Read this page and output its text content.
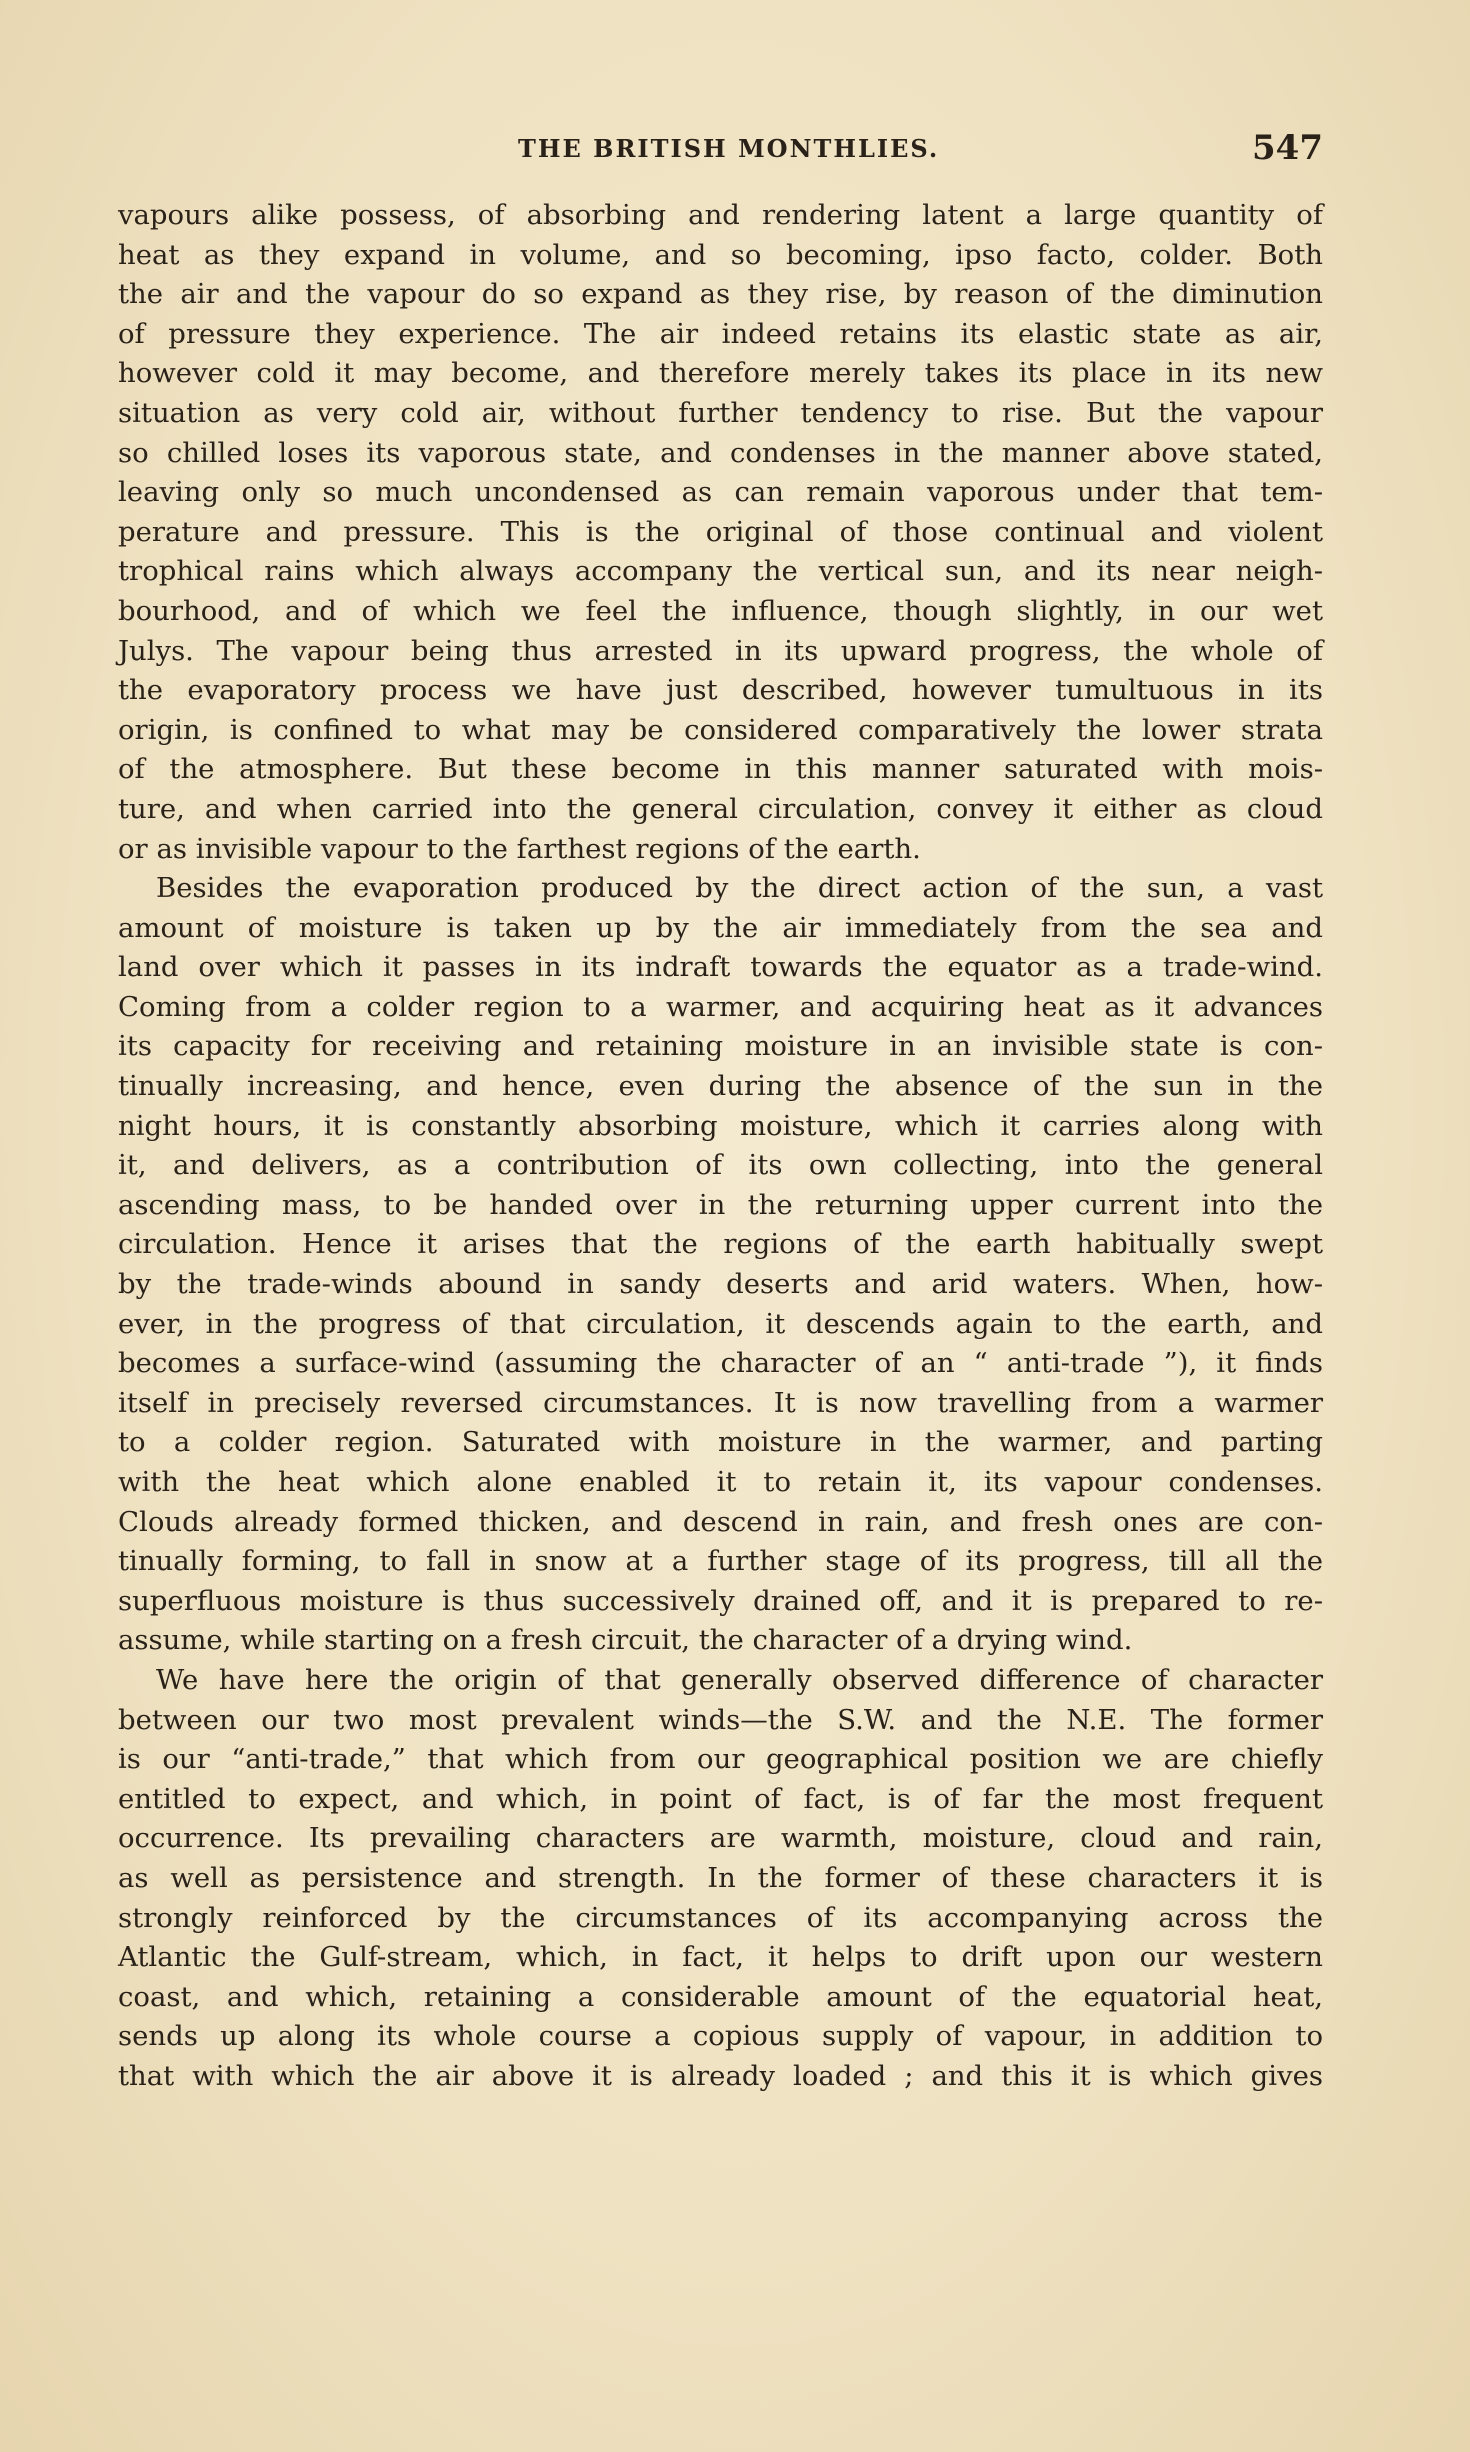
THE BRITISH MONTHLIES.	547

vapours alike possess, of absorbing and rendering latent a large quantity of
heat as they expand in volume, and so becoming, ipso facto, colder. Both
the air and the vapour do so expand as they rise, by reason of the diminution
of pressure they experience. The air indeed retains its elastic state as air,
however cold it may become, and therefore merely takes its place in its new
situation as very cold air, without further tendency to rise. But the vapour
so chilled loses its vaporous state, and condenses in the manner above stated,
leaving only so much uncondensed as can remain vaporous under that tem-
perature and pressure. This is the original of those continual and violent
trophical rains which always accompany the vertical sun, and its near neigh-
bourhood, and of which we feel the influence, though slightly, in our wet
Julys. The vapour being thus arrested in its upward progress, the whole of
the evaporatory process we have just described, however tumultuous in its
origin, is confined to what may be considered comparatively the lower strata
of the atmosphere. But these become in this manner saturated with mois-
ture, and when carried into the general circulation, convey it either as cloud
or as invisible vapour to the farthest regions of the earth.

Besides the evaporation produced by the direct action of the sun, a vast
amount of moisture is taken up by the air immediately from the sea and
land over which it passes in its indraft towards the equator as a trade-wind.
Coming from a colder region to a warmer, and acquiring heat as it advances
its capacity for receiving and retaining moisture in an invisible state is con-
tinually increasing, and hence, even during the absence of the sun in the
night hours, it is constantly absorbing moisture, which it carries along with
it, and delivers, as a contribution of its own collecting, into the general
ascending mass, to be handed over in the returning upper current into the
circulation. Hence it arises that the regions of the earth habitually swept
by the trade-winds abound in sandy deserts and arid waters. When, how-
ever, in the progress of that circulation, it descends again to the earth, and
becomes a surface-wind (assuming the character of an “ anti-trade ”), it finds
itself in precisely reversed circumstances. It is now travelling from a warmer
to a colder region. Saturated with moisture in the warmer, and parting
with the heat which alone enabled it to retain it, its vapour condenses.
Clouds already formed thicken, and descend in rain, and fresh ones are con-
tinually forming, to fall in snow at a further stage of its progress, till all the
superfluous moisture is thus successively drained off, and it is prepared to re-
assume, while starting on a fresh circuit, the character of a drying wind.

We have here the origin of that generally observed difference of character
between our two most prevalent winds—the S.W. and the N.E. The former
is our “anti-trade,” that which from our geographical position we are chiefly
entitled to expect, and which, in point of fact, is of far the most frequent
occurrence. Its prevailing characters are warmth, moisture, cloud and rain,
as well as persistence and strength. In the former of these characters it is
strongly reinforced by the circumstances of its accompanying across the
Atlantic the Gulf-stream, which, in fact, it helps to drift upon our western
coast, and which, retaining a considerable amount of the equatorial heat,
sends up along its whole course a copious supply of vapour, in addition to
that with which the air above it is already loaded ; and this it is which gives
